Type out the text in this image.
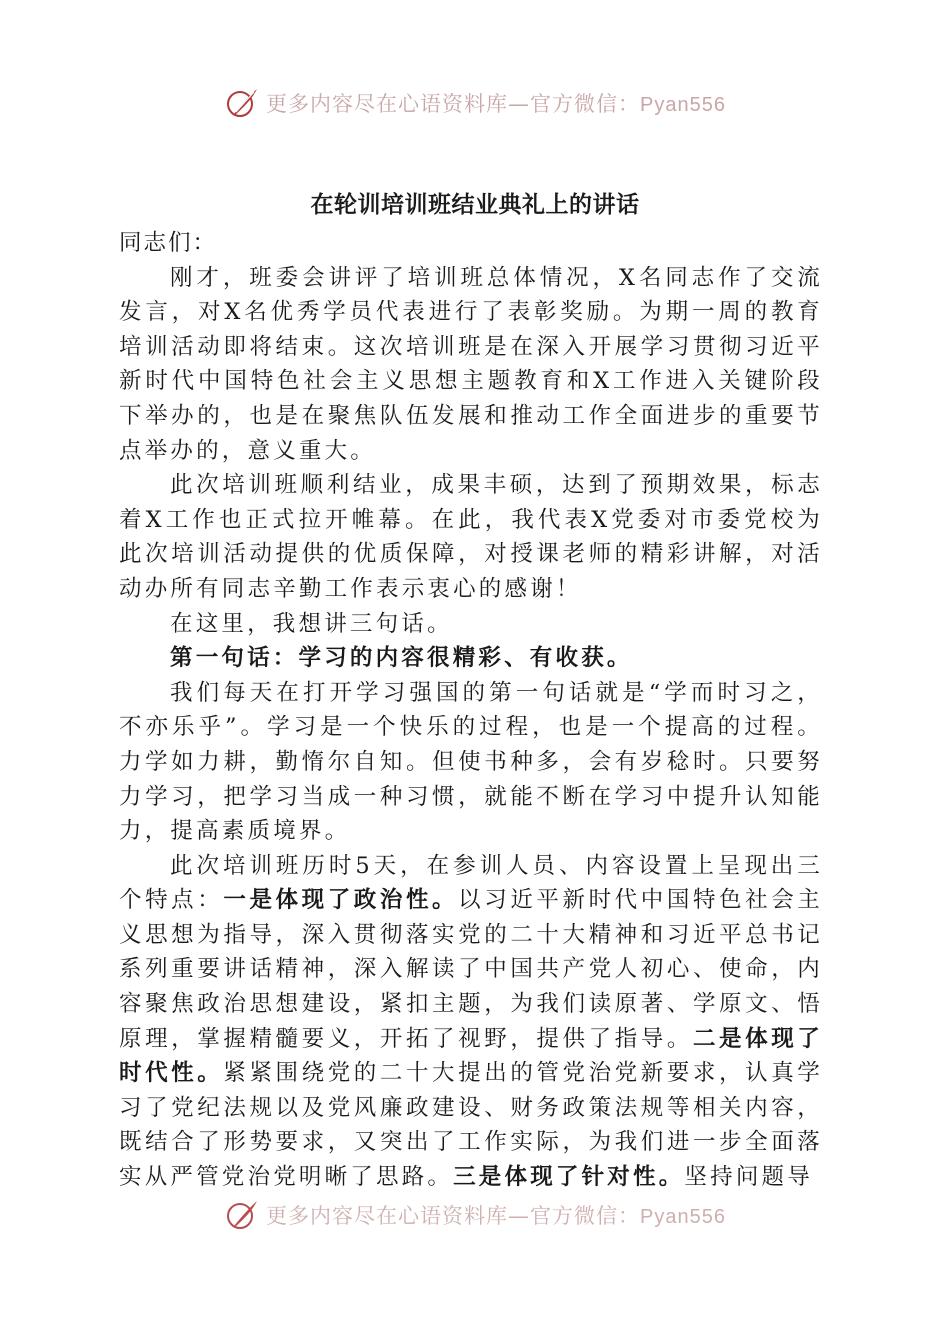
更多内容尽在心语资料库—官方微信：Pyan556
在轮训培训班结业典礼上的讲话

同志们：

刚才，班委会讲评了培训班总体情况，X名同志作了交流发言，对X名优秀学员代表进行了表彰奖励。为期一周的教育培训活动即将结束。这次培训班是在深入开展学习贯彻习近平新时代中国特色社会主义思想主题教育和X工作进入关键阶段下举办的，也是在聚焦队伍发展和推动工作全面进步的重要节点举办的，意义重大。

此次培训班顺利结业，成果丰硕，达到了预期效果，标志着X工作也正式拉开帷幕。在此，我代表X党委对市委党校为此次培训活动提供的优质保障，对授课老师的精彩讲解，对活动办所有同志辛勤工作表示衷心的感谢！

在这里，我想讲三句话。

第一句话：学习的内容很精彩、有收获。

我们每天在打开学习强国的第一句话就是“学而时习之，不亦乐乎”。学习是一个快乐的过程，也是一个提高的过程。力学如力耕，勤惰尔自知。但使书种多，会有岁稔时。只要努力学习，把学习当成一种习惯，就能不断在学习中提升认知能力，提高素质境界。

此次培训班历时5天，在参训人员、内容设置上呈现出三个特点：一是体现了政治性。以习近平新时代中国特色社会主义思想为指导，深入贯彻落实党的二十大精神和习近平总书记系列重要讲话精神，深入解读了中国共产党人初心、使命，内容聚焦政治思想建设，紧扣主题，为我们读原著、学原文、悟原理，掌握精髓要义，开拓了视野，提供了指导。二是体现了时代性。紧紧围绕党的二十大提出的管党治党新要求，认真学习了党纪法规以及党风廉政建设、财务政策法规等相关内容，既结合了形势要求，又突出了工作实际，为我们进一步全面落实从严管党治党明晰了思路。三是体现了针对性。坚持问题导

更多内容尽在心语资料库—官方微信：Pyan556
